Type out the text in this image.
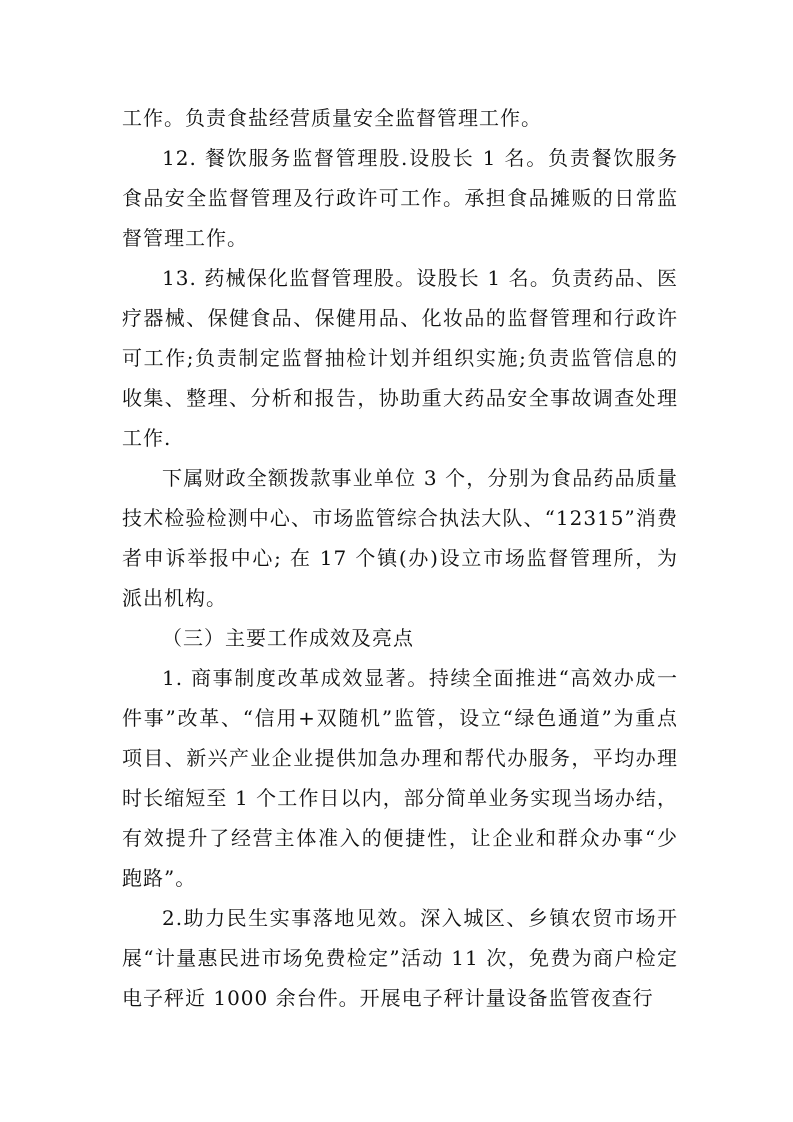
工作。负责食盐经营质量安全监督管理工作。

12. 餐饮服务监督管理股.设股长 1 名。负责餐饮服务食品安全监督管理及行政许可工作。承担食品摊贩的日常监督管理工作。

13. 药械保化监督管理股。设股长 1 名。负责药品、医疗器械、保健食品、保健用品、化妆品的监督管理和行政许可工作;负责制定监督抽检计划并组织实施;负责监管信息的收集、整理、分析和报告，协助重大药品安全事故调查处理工作.

下属财政全额拨款事业单位 3 个，分别为食品药品质量技术检验检测中心、市场监管综合执法大队、“12315”消费者申诉举报中心; 在 17 个镇(办)设立市场监督管理所，为派出机构。

（三）主要工作成效及亮点

1. 商事制度改革成效显著。持续全面推进“高效办成一件事”改革、“信用+双随机”监管，设立“绿色通道”为重点项目、新兴产业企业提供加急办理和帮代办服务，平均办理时长缩短至 1 个工作日以内，部分简单业务实现当场办结，有效提升了经营主体准入的便捷性，让企业和群众办事“少跑路”。

2.助力民生实事落地见效。深入城区、乡镇农贸市场开展“计量惠民进市场免费检定”活动 11 次，免费为商户检定电子秤近 1000 余台件。开展电子秤计量设备监管夜查行
